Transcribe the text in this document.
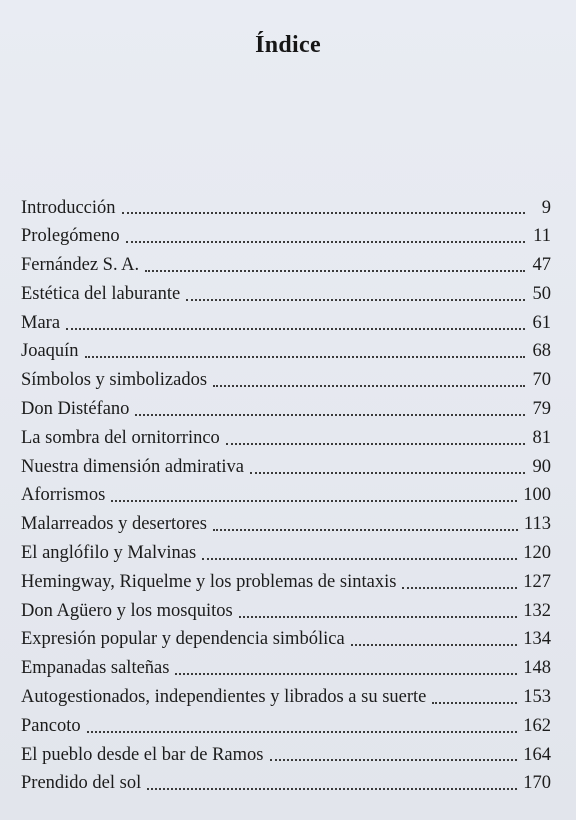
Índice
Introducción	9
Prolegómeno	11
Fernández S. A.	47
Estética del laburante	50
Mara	61
Joaquín	68
Símbolos y simbolizados	70
Don Distéfano	79
La sombra del ornitorrinco	81
Nuestra dimensión admirativa	90
Aforrismos	100
Malarreados y desertores	113
El anglófilo y Malvinas	120
Hemingway, Riquelme y los problemas de sintaxis	127
Don Agüero y los mosquitos	132
Expresión popular y dependencia simbólica	134
Empanadas salteñas	148
Autogestionados, independientes y librados a su suerte	153
Pancoto	162
El pueblo desde el bar de Ramos	164
Prendido del sol	170
